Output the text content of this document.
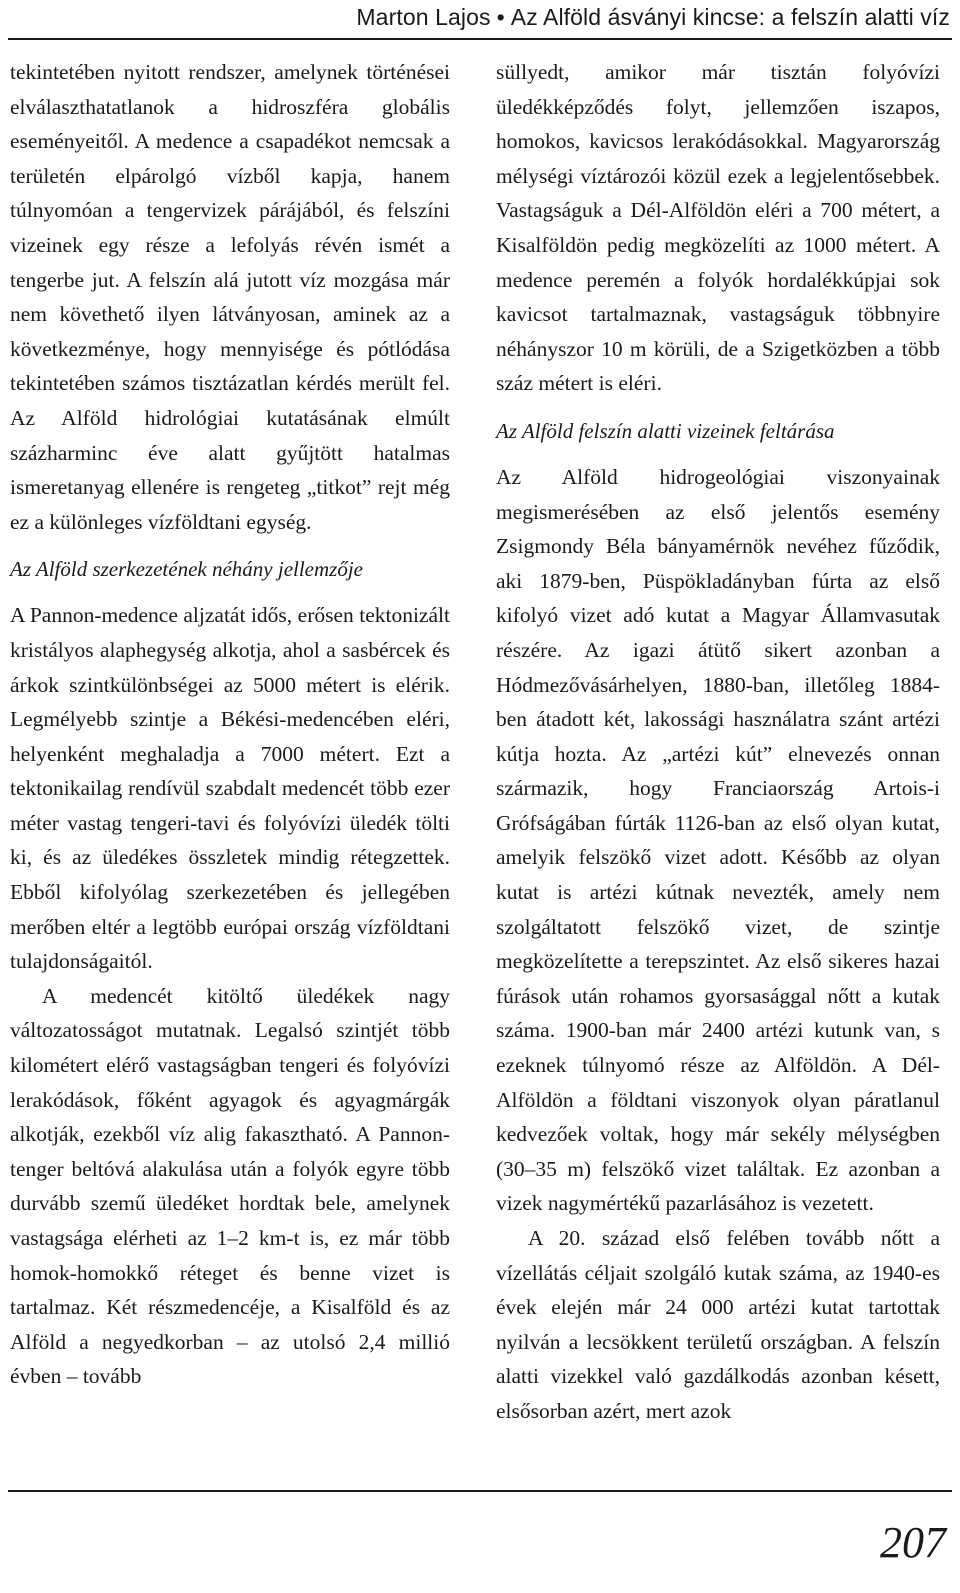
Marton Lajos • Az Alföld ásványi kincse: a felszín alatti víz

tekintetében nyitott rendszer, amelynek történései elválaszthatatlanok a hidroszféra globális eseményeitől. A medence a csapadékot nemcsak a területén elpárolgó vízből kapja, hanem túlnyomóan a tengervizek párájából, és felszíni vizeinek egy része a lefolyás révén ismét a tengerbe jut. A felszín alá jutott víz mozgása már nem követhető ilyen látványosan, aminek az a következménye, hogy mennyisége és pótlódása tekintetében számos tisztázatlan kérdés merült fel. Az Alföld hidrológiai kutatásának elmúlt százharminc éve alatt gyűjtött hatalmas ismeretanyag ellenére is rengeteg „titkot” rejt még ez a különleges vízföldtani egység.

Az Alföld szerkezetének néhány jellemzője

A Pannon-medence aljzatát idős, erősen tektonizált kristályos alaphegység alkotja, ahol a sasbércek és árkok szintkülönbségei az 5000 métert is elérik. Legmélyebb szintje a Békési-medencében eléri, helyenként meghaladja a 7000 métert. Ezt a tektonikailag rendívül szabdalt medencét több ezer méter vastag tengeri-tavi és folyóvízi üledék tölti ki, és az üledékes összletek mindig rétegzettek. Ebből kifolyólag szerkezetében és jellegében merőben eltér a legtöbb európai ország vízföldtani tulajdonságaitól.

A medencét kitöltő üledékek nagy változatosságot mutatnak. Legalsó szintjét több kilométert elérő vastagságban tengeri és folyóvízi lerakódások, főként agyagok és agyagmárgák alkotják, ezekből víz alig fakasztható. A Pannon-tenger beltóvá alakulása után a folyók egyre több durvább szemű üledéket hordtak bele, amelynek vastagsága elérheti az 1–2 km-t is, ez már több homok-homokkő réteget és benne vizet is tartalmaz. Két részmedencéje, a Kisalföld és az Alföld a negyedkorban – az utolsó 2,4 millió évben – tovább

süllyedt, amikor már tisztán folyóvízi üledékképződés folyt, jellemzően iszapos, homokos, kavicsos lerakódásokkal. Magyarország mélységi víztározói közül ezek a legjelentősebbek. Vastagságuk a Dél-Alföldön eléri a 700 métert, a Kisalföldön pedig megközelíti az 1000 métert. A medence peremén a folyók hordalékkúpjai sok kavicsot tartalmaznak, vastagságuk többnyire néhányszor 10 m körüli, de a Szigetközben a több száz métert is eléri.

Az Alföld felszín alatti vizeinek feltárása

Az Alföld hidrogeológiai viszonyainak megismerésében az első jelentős esemény Zsigmondy Béla bányamérnök nevéhez fűződik, aki 1879-ben, Püspökladányban fúrta az első kifolyó vizet adó kutat a Magyar Államvasutak részére. Az igazi átütő sikert azonban a Hódmezővásárhelyen, 1880-ban, illetőleg 1884-ben átadott két, lakossági használatra szánt artézi kútja hozta. Az „artézi kút” elnevezés onnan származik, hogy Franciaország Artois-i Grófságában fúrták 1126-ban az első olyan kutat, amelyik felszökő vizet adott. Később az olyan kutat is artézi kútnak nevezték, amely nem szolgáltatott felszökő vizet, de szintje megközelítette a terepszintet. Az első sikeres hazai fúrások után rohamos gyorsasággal nőtt a kutak száma. 1900-ban már 2400 artézi kutunk van, s ezeknek túlnyomó része az Alföldön. A Dél-Alföldön a földtani viszonyok olyan páratlanul kedvezőek voltak, hogy már sekély mélységben (30–35 m) felszökő vizet találtak. Ez azonban a vizek nagymértékű pazarlásához is vezetett.

A 20. század első felében tovább nőtt a vízellátás céljait szolgáló kutak száma, az 1940-es évek elején már 24 000 artézi kutat tartottak nyilván a lecsökkent területű országban. A felszín alatti vizekkel való gazdálkodás azonban késett, elsősorban azért, mert azok

207
